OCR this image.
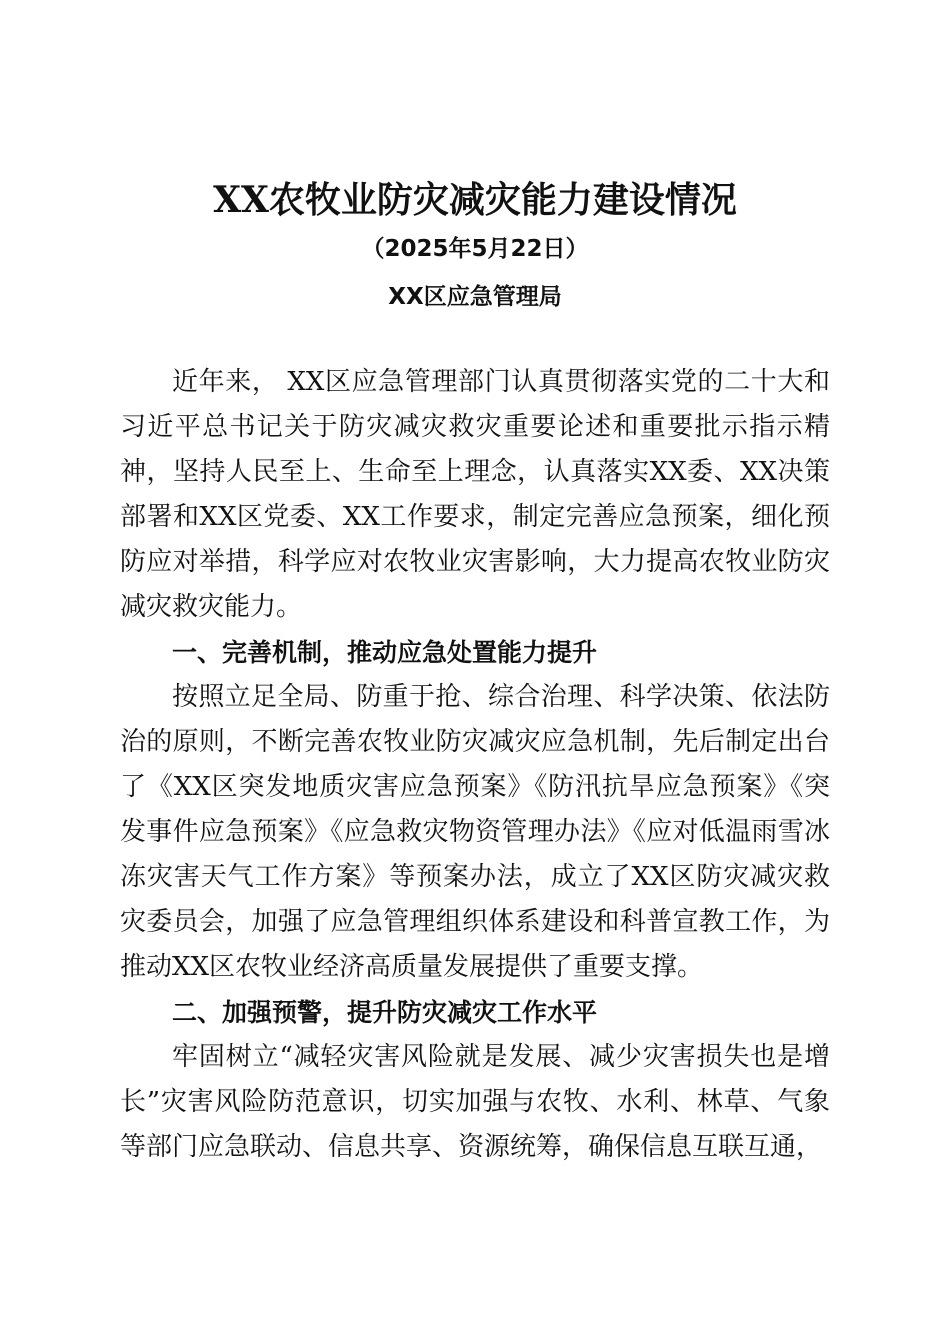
XX农牧业防灾减灾能力建设情况

（2025年5月22日）

XX区应急管理局

近年来， XX区应急管理部门认真贯彻落实党的二十大和习近平总书记关于防灾减灾救灾重要论述和重要批示指示精神，坚持人民至上、生命至上理念，认真落实XX委、XX决策部署和XX区党委、XX工作要求，制定完善应急预案，细化预防应对举措，科学应对农牧业灾害影响，大力提高农牧业防灾减灾救灾能力。

一、完善机制，推动应急处置能力提升

按照立足全局、防重于抢、综合治理、科学决策、依法防治的原则，不断完善农牧业防灾减灾应急机制，先后制定出台了《XX区突发地质灾害应急预案》《防汛抗旱应急预案》《突发事件应急预案》《应急救灾物资管理办法》《应对低温雨雪冰冻灾害天气工作方案》等预案办法，成立了XX区防灾减灾救灾委员会，加强了应急管理组织体系建设和科普宣教工作，为推动XX区农牧业经济高质量发展提供了重要支撑。

二、加强预警，提升防灾减灾工作水平

牢固树立“减轻灾害风险就是发展、减少灾害损失也是增长”灾害风险防范意识，切实加强与农牧、水利、林草、气象等部门应急联动、信息共享、资源统筹，确保信息互联互通，
